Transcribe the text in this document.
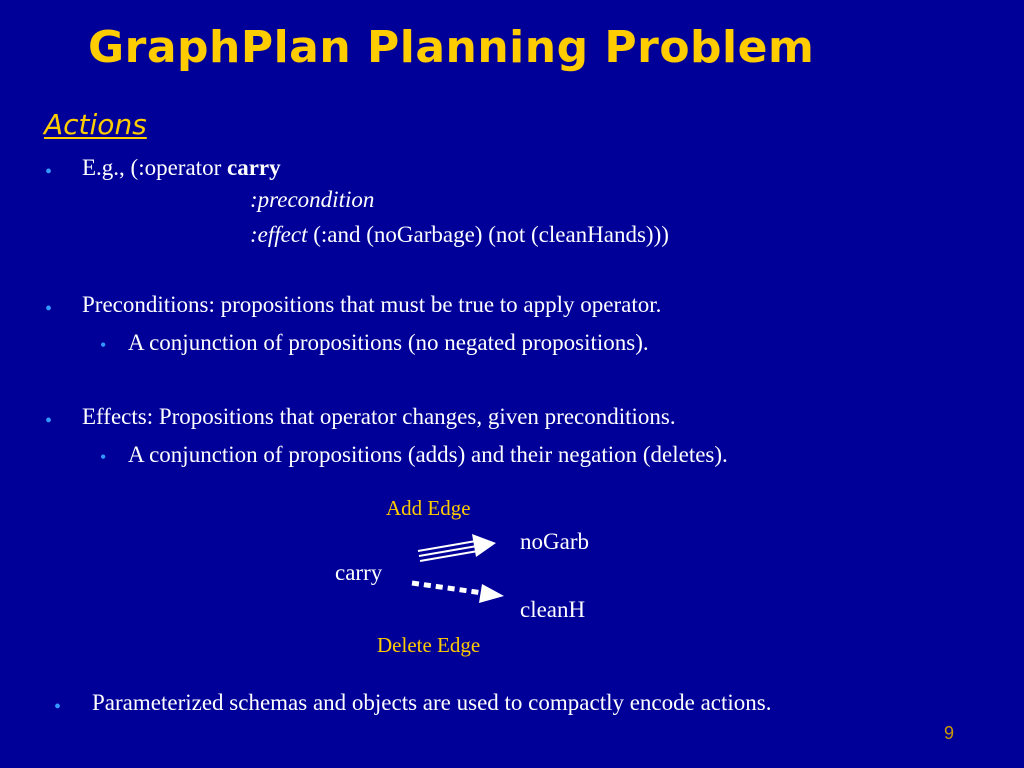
GraphPlan Planning Problem
Actions
• E.g., (:operator carry
:precondition
:effect (:and (noGarbage) (not (cleanHands)))
• Preconditions: propositions that must be true to apply operator.
• A conjunction of propositions (no negated propositions).
• Effects: Propositions that operator changes, given preconditions.
• A conjunction of propositions (adds) and their negation (deletes).
Add Edge
noGarb
carry
cleanH
Delete Edge
• Parameterized schemas and objects are used to compactly encode actions.
9
